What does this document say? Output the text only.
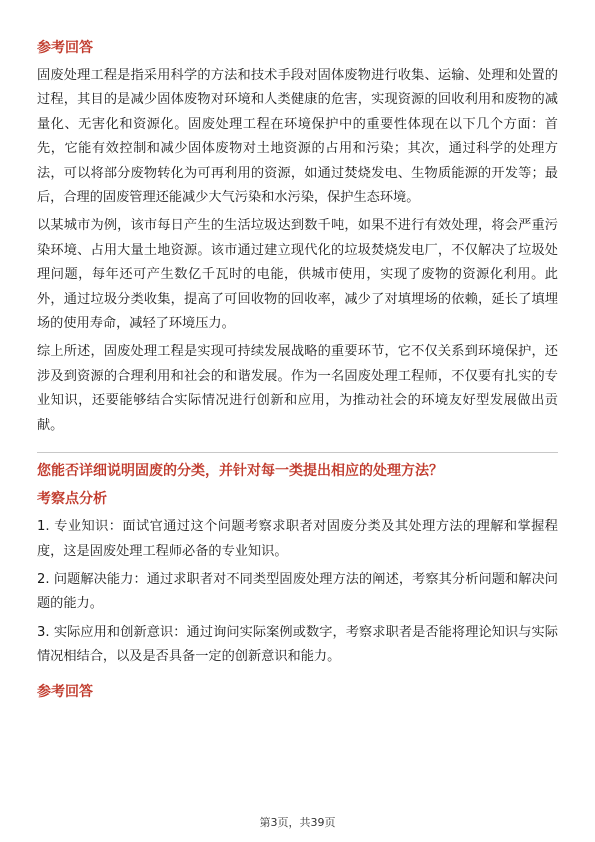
参考回答

固废处理工程是指采用科学的方法和技术手段对固体废物进行收集、运输、处理和处置的过程，其目的是减少固体废物对环境和人类健康的危害，实现资源的回收利用和废物的减量化、无害化和资源化。固废处理工程在环境保护中的重要性体现在以下几个方面：首先，它能有效控制和减少固体废物对土地资源的占用和污染；其次，通过科学的处理方法，可以将部分废物转化为可再利用的资源，如通过焚烧发电、生物质能源的开发等；最后，合理的固废管理还能减少大气污染和水污染，保护生态环境。

以某城市为例，该市每日产生的生活垃圾达到数千吨，如果不进行有效处理，将会严重污染环境、占用大量土地资源。该市通过建立现代化的垃圾焚烧发电厂，不仅解决了垃圾处理问题，每年还可产生数亿千瓦时的电能，供城市使用，实现了废物的资源化利用。此外，通过垃圾分类收集，提高了可回收物的回收率，减少了对填埋场的依赖，延长了填埋场的使用寿命，减轻了环境压力。

综上所述，固废处理工程是实现可持续发展战略的重要环节，它不仅关系到环境保护，还涉及到资源的合理利用和社会的和谐发展。作为一名固废处理工程师，不仅要有扎实的专业知识，还要能够结合实际情况进行创新和应用，为推动社会的环境友好型发展做出贡献。

您能否详细说明固废的分类，并针对每一类提出相应的处理方法？
考察点分析

1. 专业知识：面试官通过这个问题考察求职者对固废分类及其处理方法的理解和掌握程度，这是固废处理工程师必备的专业知识。

2. 问题解决能力：通过求职者对不同类型固废处理方法的阐述，考察其分析问题和解决问题的能力。

3. 实际应用和创新意识：通过询问实际案例或数字，考察求职者是否能将理论知识与实际情况相结合，以及是否具备一定的创新意识和能力。

参考回答
第3页，共39页
